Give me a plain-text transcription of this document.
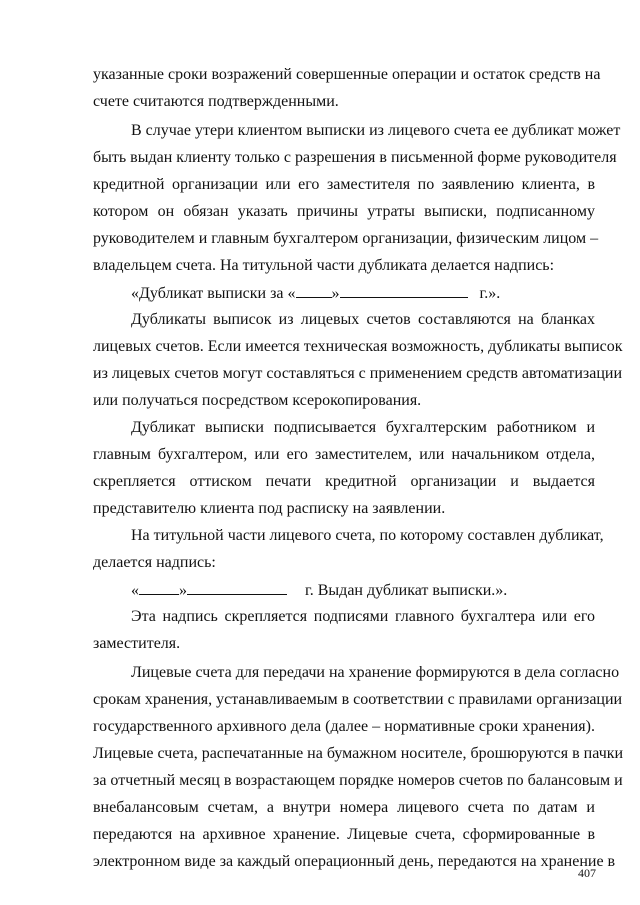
указанные сроки возражений совершенные операции и остаток средств на
счете считаются подтвержденными.
В случае утери клиентом выписки из лицевого счета ее дубликат может
быть выдан клиенту только с разрешения в письменной форме руководителя
кредитной организации или его заместителя по заявлению клиента, в
котором он обязан указать причины утраты выписки, подписанному
руководителем и главным бухгалтером организации, физическим лицом –
владельцем счета. На титульной части дубликата делается надпись:
«Дубликат выписки за « »	г.».
Дубликаты выписок из лицевых счетов составляются на бланках
лицевых счетов. Если имеется техническая возможность, дубликаты выписок
из лицевых счетов могут составляться с применением средств автоматизации
или получаться посредством ксерокопирования.
Дубликат выписки подписывается бухгалтерским работником и
главным бухгалтером, или его заместителем, или начальником отдела,
скрепляется оттиском печати кредитной организации и выдается
представителю клиента под расписку на заявлении.
На титульной части лицевого счета, по которому составлен дубликат,
делается надпись:
«	»	г. Выдан дубликат выписки.».
Эта надпись скрепляется подписями главного бухгалтера или его
заместителя.
Лицевые счета для передачи на хранение формируются в дела согласно
срокам хранения, устанавливаемым в соответствии с правилами организации
государственного архивного дела (далее – нормативные сроки хранения).
Лицевые счета, распечатанные на бумажном носителе, брошюруются в пачки
за отчетный месяц в возрастающем порядке номеров счетов по балансовым и
внебалансовым счетам, а внутри номера лицевого счета по датам и
передаются на архивное хранение. Лицевые счета, сформированные в
электронном виде за каждый операционный день, передаются на хранение в
407
